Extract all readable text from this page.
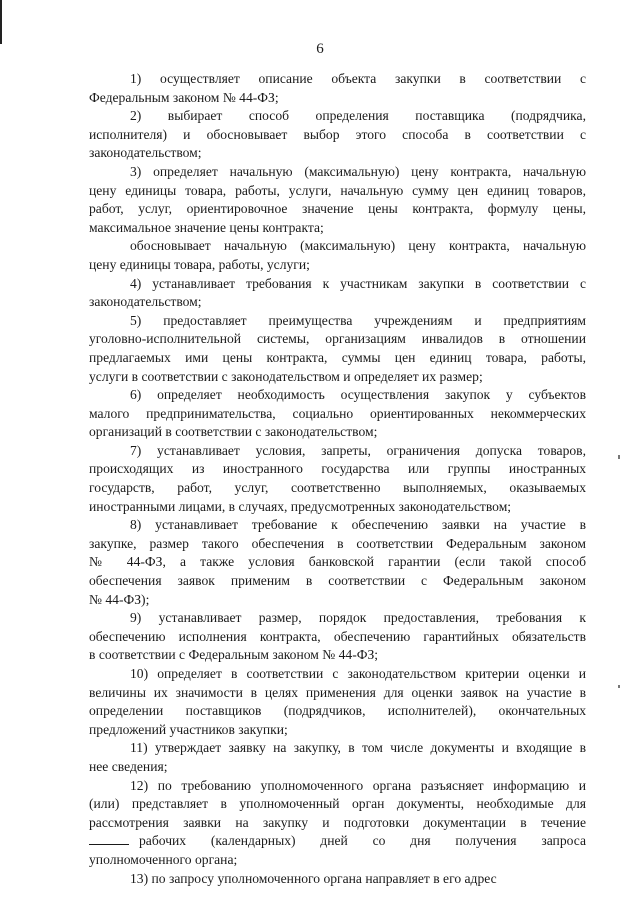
6
1) осуществляет описание объекта закупки в соответствии с
Федеральным законом № 44-ФЗ;
2) выбирает способ определения поставщика (подрядчика,
исполнителя) и обосновывает выбор этого способа в соответствии с
законодательством;
3) определяет начальную (максимальную) цену контракта, начальную
цену единицы товара, работы, услуги, начальную сумму цен единиц товаров,
работ, услуг, ориентировочное значение цены контракта, формулу цены,
максимальное значение цены контракта;
обосновывает начальную (максимальную) цену контракта, начальную
цену единицы товара, работы, услуги;
4) устанавливает требования к участникам закупки в соответствии с
законодательством;
5) предоставляет преимущества учреждениям и предприятиям
уголовно-исполнительной системы, организациям инвалидов в отношении
предлагаемых ими цены контракта, суммы цен единиц товара, работы,
услуги в соответствии с законодательством и определяет их размер;
6) определяет необходимость осуществления закупок у субъектов
малого предпринимательства, социально ориентированных некоммерческих
организаций в соответствии с законодательством;
7) устанавливает условия, запреты, ограничения допуска товаров,
происходящих из иностранного государства или группы иностранных
государств, работ, услуг, соответственно выполняемых, оказываемых
иностранными лицами, в случаях, предусмотренных законодательством;
8) устанавливает требование к обеспечению заявки на участие в
закупке, размер такого обеспечения в соответствии Федеральным законом
№ 44-ФЗ, а также условия банковской гарантии (если такой способ
обеспечения заявок применим в соответствии с Федеральным законом
№ 44-ФЗ);
9) устанавливает размер, порядок предоставления, требования к
обеспечению исполнения контракта, обеспечению гарантийных обязательств
в соответствии с Федеральным законом № 44-ФЗ;
10) определяет в соответствии с законодательством критерии оценки и
величины их значимости в целях применения для оценки заявок на участие в
определении поставщиков (подрядчиков, исполнителей), окончательных
предложений участников закупки;
11) утверждает заявку на закупку, в том числе документы и входящие в
нее сведения;
12) по требованию уполномоченного органа разъясняет информацию и
(или) представляет в уполномоченный орган документы, необходимые для
рассмотрения заявки на закупку и подготовки документации в течение
рабочих (календарных) дней со дня получения запроса
уполномоченного органа;
13) по запросу уполномоченного органа направляет в его адрес
